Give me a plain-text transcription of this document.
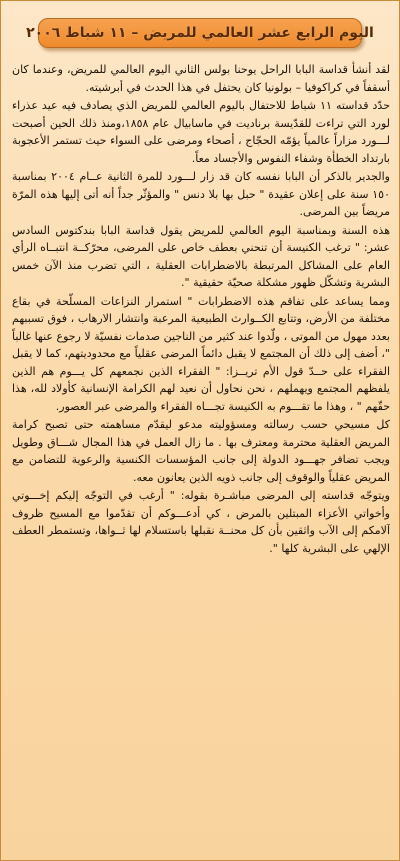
اليوم الرابع عشر العالمي للمريض – ١١ شباط ٢٠٠٦

لقد أنشأ قداسة البابا الراحل يوحنا بولس الثاني اليوم العالمي للمريض، وعندما كان أسقفاً في كراكوفيا – بولونيا كان يحتفل في هذا الحدث في أبرشيته.

حدّد قداسته ١١ شباط للاحتفال باليوم العالمي للمريض الذي يصادف فيه عيد عذراء لورد التي تراءت للقدّيسة برناديت في ماسابيال عام ١٨٥٨،ومنذ ذلك الحين أصبحت لـــورد مزاراً عالمياً يؤمّه الحجّاج ، أصحاء ومرضى على السواء حيث تستمر الأعجوبة بارتداد الخطأة وشفاء النفوس والأجساد معاً.

والجدير بالذكر أن البابا نفسه كان قد زار لـــورد للمرة الثانية عــام ٢٠٠٤ بمناسبة ١٥٠ سنة على إعلان عقيدة " حبل بها بلا دنس " والمؤثّر جداً أنه أتى إليها هذه المرّة مريضاً بين المرضى.

هذه السنة وبمناسبة اليوم العالمي للمريض يقول قداسة البابا بندكتوس السادس عشر: " ترغب الكنيسة أن تنحني بعطف خاص على المرضى، محرّكــة انتبــاه الرأي العام على المشاكل المرتبطة بالاضطرابات العقلية ، التي تضرب منذ الآن خمس البشرية وتشكّل ظهور مشكلة صحيّة حقيقية ".

ومما يساعد على تفاقم هذه الاضطرابات " استمرار النزاعات المسلّحة في بقاع مختلفة من الأرض، وتتابع الكــوارث الطبيعية المرعبة وانتشار الارهاب ، فوق تسببهم بعدد مهول من الموتى ، ولّدوا عند كثير من الناجين صدمات نفسيّة لا رجوع عنها غالباً "، أضف إلى ذلك أن المجتمع لا يقبل دائماً المرضى عقلياً مع محدوديتهم، كما لا يقبل الفقراء على حــدّ قول الأم تريــزا: " الفقراء الذين نجمعهم كل يـــوم هم الذين يلفظهم المجتمع ويهملهم ، نحن نحاول أن نعيد لهم الكرامة الإنسانية كأولاد لله، هذا حقّهم " ، وهذا ما تقـــوم به الكنيسة تجـــاه الفقراء والمرضى عبر العصور.

كل مسيحي حسب رسالته ومسؤوليته مدعو ليقدّم مساهمته حتى تصبح كرامة المريض العقلية محترمة ومعترف بها . ما زال العمل في هذا المجال شـــاق وطويل ويجب تضافر جهـــود الدولة إلى جانب المؤسسات الكنسية والرعوية للتضامن مع المريض عقلياً والوقوف إلى جانب ذويه الذين يعانون معه.

ويتوجّه قداسته إلى المرضى مباشـرة بقوله: " أرغب في التوجّه إليكم إخـــوتي وأخواتي الأعزاء المبتلين بالمرض ، كي أدعـــوكم أن تقدّموا مع المسيح ظروف آلامكم إلى الآب واثقين بأن كل محنــة نقبلها باستسلام لها ثــواها، وتستمطر العطف الإلهي على البشرية كلها ".
